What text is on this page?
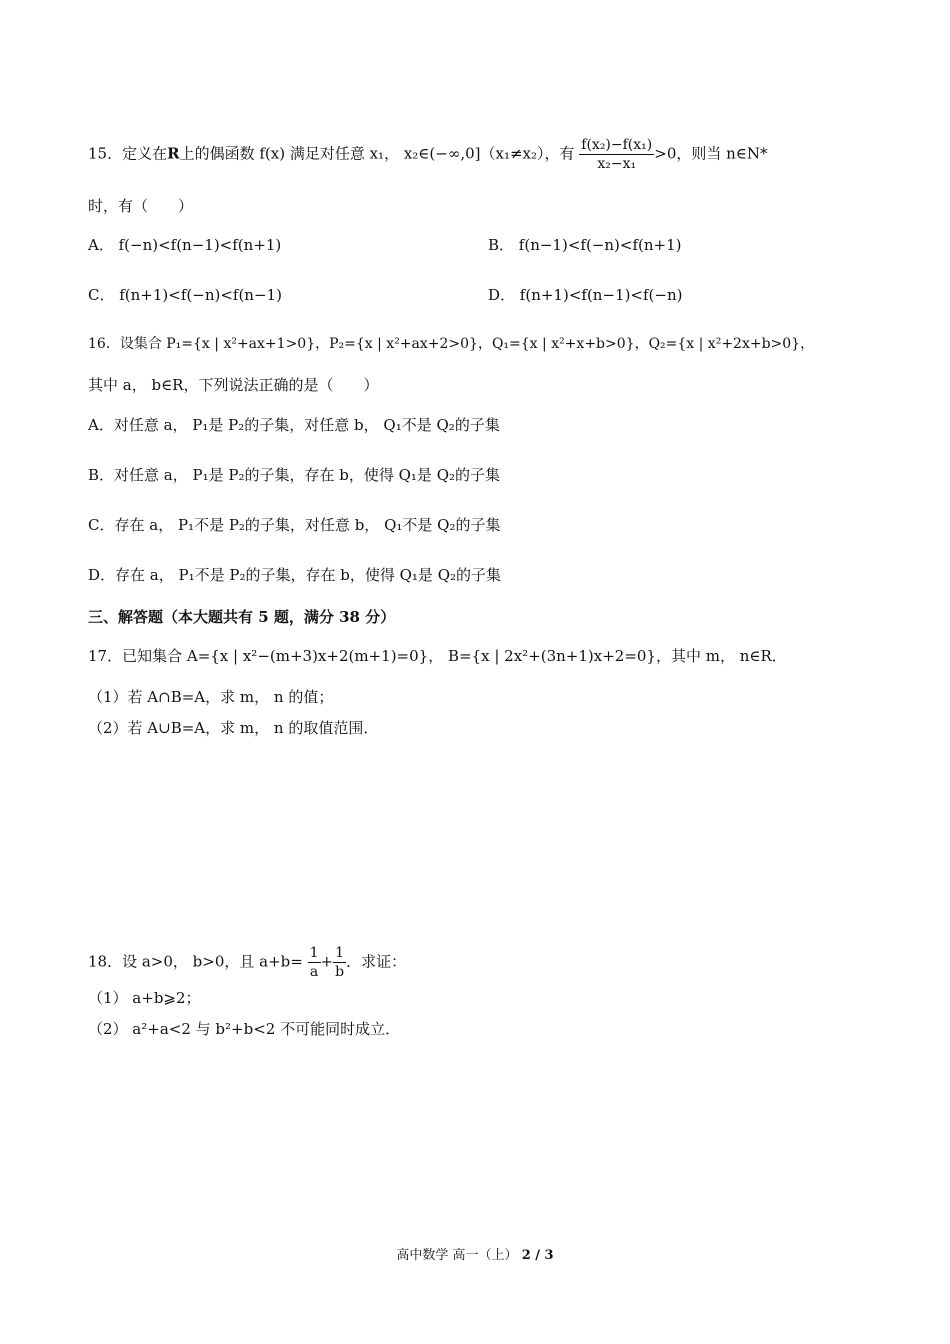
15．定义在R上的偶函数 f(x) 满足对任意 x₁， x₂∈(−∞,0]（x₁≠x₂），有 $\frac{\text{f(x₂)−f(x₁)}}{\text{x₂−x₁}} >0$，则当 n∈N*
时，有（　　）
A． f(−n)<f(n−1)<f(n+1)	B． f(n−1)<f(−n)<f(n+1)
C． f(n+1)<f(−n)<f(n−1)	D． f(n+1)<f(n−1)<f(−n)
16．设集合 P₁={x | x²+ax+1>0}，P₂={x | x²+ax+2>0}，Q₁={x | x²+x+b>0}，Q₂={x | x²+2x+b>0}，
其中 a， b∈R，下列说法正确的是（　　）
A．对任意 a， P₁是 P₂的子集，对任意 b， Q₁不是 Q₂的子集
B．对任意 a， P₁是 P₂的子集，存在 b，使得 Q₁是 Q₂的子集
C．存在 a， P₁不是 P₂的子集，对任意 b， Q₁不是 Q₂的子集
D．存在 a， P₁不是 P₂的子集，存在 b，使得 Q₁是 Q₂的子集
三、解答题（本大题共有 5 题，满分 38 分）
17．已知集合 A={x | x²−(m+3)x+2(m+1)=0}， B={x | 2x²+(3n+1)x+2=0}，其中 m， n∈R．
（1）若 A∩B=A，求 m， n 的值；
（2）若 A∪B=A，求 m， n 的取值范围．
18．设 a>0， b>0，且 $a+b= \frac{1}{a} + \frac{1}{b}$ ．求证：
（1） a+b⩾2；
（2） a²+a<2 与 b²+b<2 不可能同时成立．
高中数学 高一（上） 2 / 3
